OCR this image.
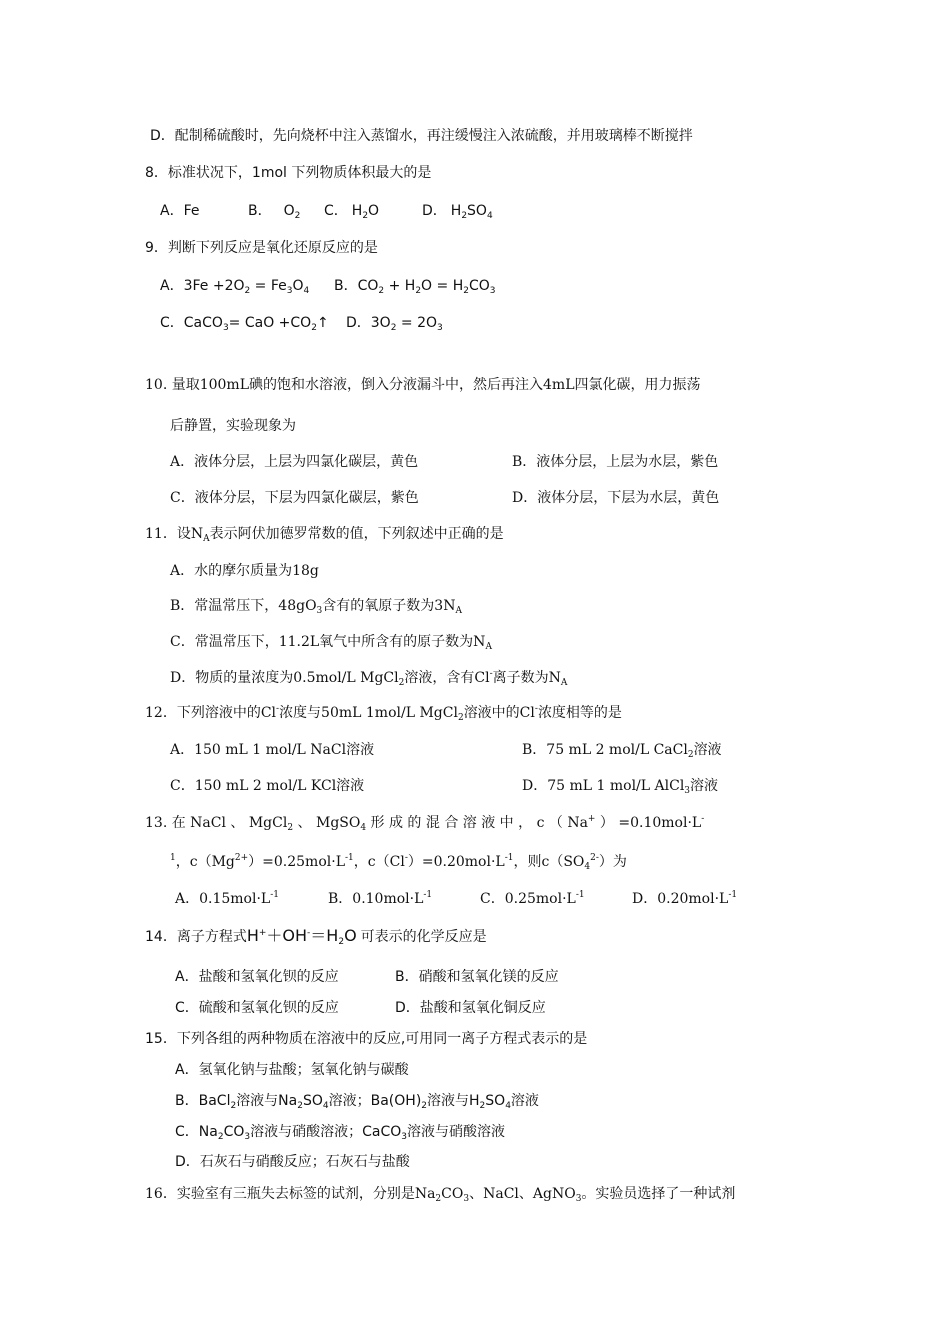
D．配制稀硫酸时，先向烧杯中注入蒸馏水，再注缓慢注入浓硫酸，并用玻璃棒不断搅拌
8．标准状况下，1mol 下列物质体积最大的是
A．Fe	B． $O_2$ C． $H_2O$	D． $H_2SO_4$
9．判断下列反应是氧化还原反应的是
A．$3Fe +2O_2 = Fe_3O_4$ B．$CO_2 + H_2O = H_2CO_3$
C．CaCO$_3$= CaO $+CO_2↑$ D．$3O_2 = 2O_3$
10. 量取100mL碘的饱和水溶液，倒入分液漏斗中，然后再注入4mL四氯化碳，用力振荡
后静置，实验现象为
A．液体分层，上层为四氯化碳层，黄色	B．液体分层，上层为水层，紫色
C．液体分层，下层为四氯化碳层，紫色	D．液体分层，下层为水层，黄色
11．设$N_A$表示阿伏加德罗常数的值，下列叙述中正确的是
A．水的摩尔质量为18g
B．常温常压下，$48gO_3$含有的氧原子数为$3N_A$
C．常温常压下，11.2L氧气中所含有的原子数为$N_A$
D．物质的量浓度为0.5mol/L MgCl$_2$溶液，含有Cl-离子数为$N_A$
12．下列溶液中的Cl-浓度与50mL 1mol/L MgCl$_2$溶液中的Cl-浓度相等的是
A．150 mL 1 mol/L NaCl溶液	B．75 mL 2 mol/L CaCl$_2$溶液
C．150 mL 2 mol/L KCl溶液	D．75 mL 1 mol/L AlCl$_3$溶液
13. 在 NaCl 、 MgCl$_2$ 、 MgSO$_4$ 形 成 的 混 合 溶 液 中 ， c （ Na+ ） =0.10mol·L-
$^1$，$c(Mg^{2+})=0.25mol\cdot L^{-1}$，$c(Cl^-)=0.20mol\cdot L^{-1}$，则$c(SO_4^{2-})$为
A．$0.15mol\cdot L^{-1}$	B．$0.10mol\cdot L^{-1}$	C．$0.25mol\cdot L^{-1}$	D．$0.20mol\cdot L^{-1}$
14．离子方程式$H^++OH^-=H_2O$ 可表示的化学反应是
A．盐酸和氢氧化钡的反应	B．硝酸和氢氧化镁的反应
C．硫酸和氢氧化钡的反应	D．盐酸和氢氧化铜反应
15．下列各组的两种物质在溶液中的反应,可用同一离子方程式表示的是
A．氢氧化钠与盐酸；氢氧化钠与碳酸
B．BaCl$_2$溶液与$Na_2SO_4$溶液；$Ba(OH)_2$溶液与$H_2SO_4$溶液
C．$Na_2CO_3$溶液与硝酸溶液；CaCO$_3$溶液与硝酸溶液
D．石灰石与硝酸反应；石灰石与盐酸
16．实验室有三瓶失去标签的试剂，分别是$Na_2CO_3$、NaCl、AgNO$_3$。实验员选择了一种试剂
